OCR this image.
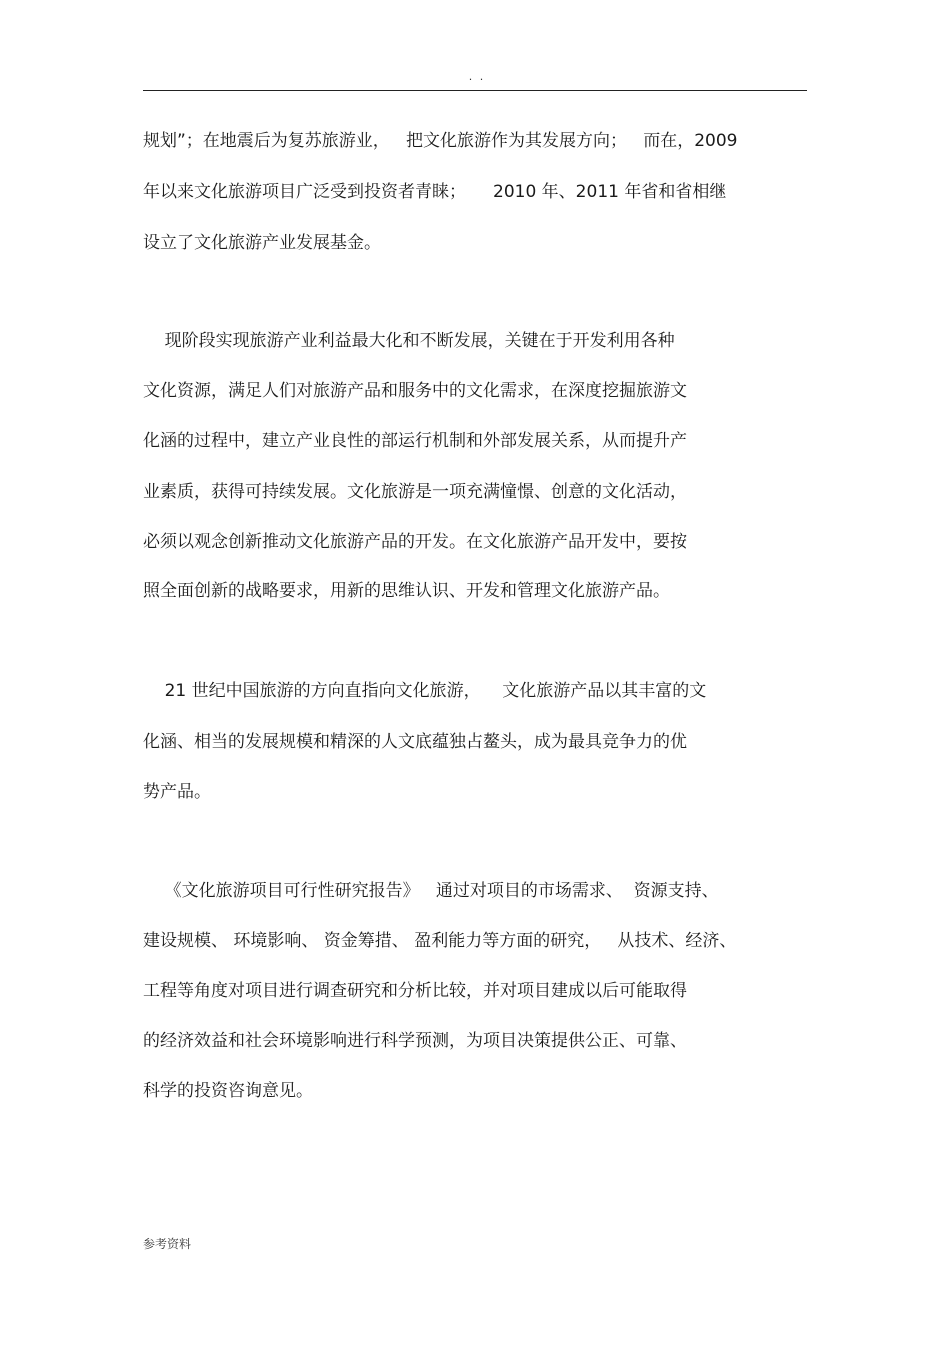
. .
规划”；在地震后为复苏旅游业，   把文化旅游作为其发展方向；   而在，2009
年以来文化旅游项目广泛受到投资者青睐；     2010 年、2011 年省和省相继
设立了文化旅游产业发展基金。
现阶段实现旅游产业利益最大化和不断发展，关键在于开发利用各种
文化资源，满足人们对旅游产品和服务中的文化需求，在深度挖掘旅游文
化涵的过程中，建立产业良性的部运行机制和外部发展关系，从而提升产
业素质，获得可持续发展。文化旅游是一项充满憧憬、创意的文化活动，
必须以观念创新推动文化旅游产品的开发。在文化旅游产品开发中，要按
照全面创新的战略要求，用新的思维认识、开发和管理文化旅游产品。
21 世纪中国旅游的方向直指向文化旅游，    文化旅游产品以其丰富的文
化涵、相当的发展规模和精深的人文底蕴独占鳌头，成为最具竞争力的优
势产品。
《文化旅游项目可行性研究报告》   通过对项目的市场需求、  资源支持、
建设规模、 环境影响、 资金筹措、 盈利能力等方面的研究，   从技术、经济、
工程等角度对项目进行调查研究和分析比较，并对项目建成以后可能取得
的经济效益和社会环境影响进行科学预测，为项目决策提供公正、可靠、
科学的投资咨询意见。
参考资料
